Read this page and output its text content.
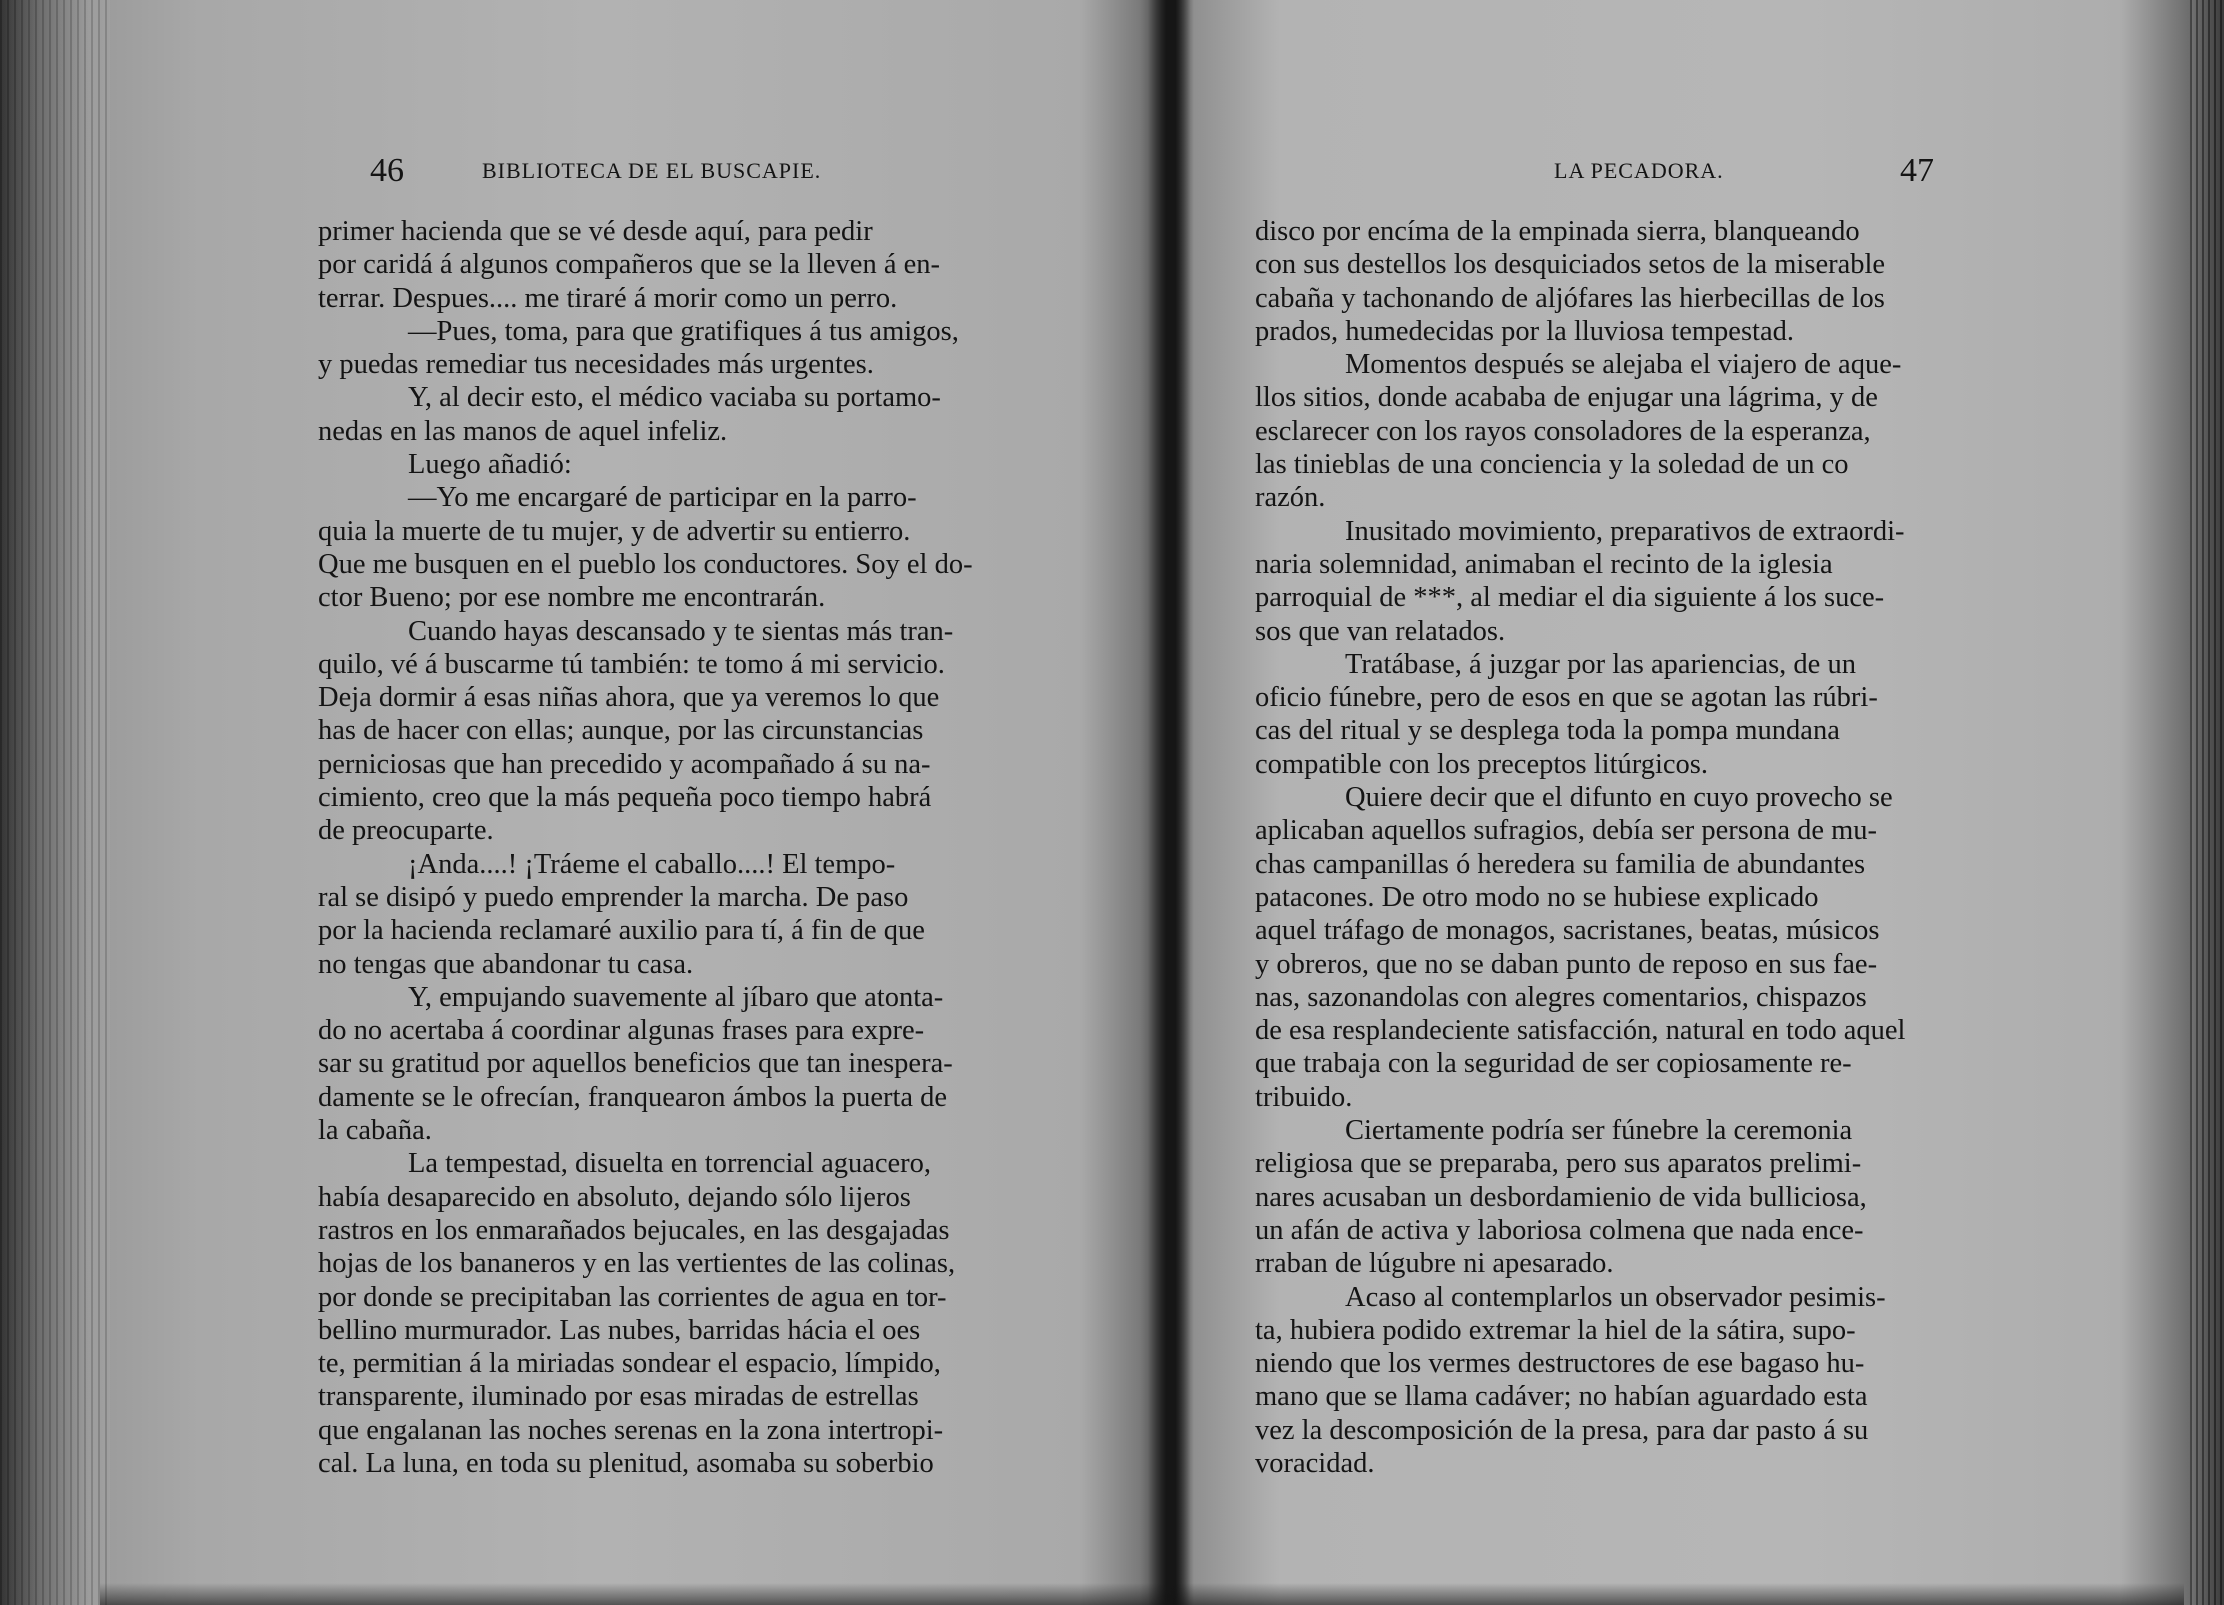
46	BIBLIOTECA DE EL BUSCAPIE.
primer hacienda que se vé desde aquí, para pedir
por caridá á algunos compañeros que se la lleven á en-
terrar. Despues.... me tiraré á morir como un perro.
—Pues, toma, para que gratifiques á tus amigos,
y puedas remediar tus necesidades más urgentes.
Y, al decir esto, el médico vaciaba su portamo-
nedas en las manos de aquel infeliz.
Luego añadió:
—Yo me encargaré de participar en la parro-
quia la muerte de tu mujer, y de advertir su entierro.
Que me busquen en el pueblo los conductores. Soy el do-
ctor Bueno; por ese nombre me encontrarán.
Cuando hayas descansado y te sientas más tran-
quilo, vé á buscarme tú también: te tomo á mi servicio.
Deja dormir á esas niñas ahora, que ya veremos lo que
has de hacer con ellas; aunque, por las circunstancias
perniciosas que han precedido y acompañado á su na-
cimiento, creo que la más pequeña poco tiempo habrá
de preocuparte.
¡Anda....! ¡Tráeme el caballo....! El tempo-
ral se disipó y puedo emprender la marcha. De paso
por la hacienda reclamaré auxilio para tí, á fin de que
no tengas que abandonar tu casa.
Y, empujando suavemente al jíbaro que atonta-
do no acertaba á coordinar algunas frases para expre-
sar su gratitud por aquellos beneficios que tan inespera-
damente se le ofrecían, franquearon ámbos la puerta de
la cabaña.
La tempestad, disuelta en torrencial aguacero,
había desaparecido en absoluto, dejando sólo lijeros
rastros en los enmarañados bejucales, en las desgajadas
hojas de los bananeros y en las vertientes de las colinas,
por donde se precipitaban las corrientes de agua en tor-
bellino murmurador. Las nubes, barridas hácia el oes
te, permitian á la miriadas sondear el espacio, límpido,
transparente, iluminado por esas miradas de estrellas
que engalanan las noches serenas en la zona intertropi-
cal. La luna, en toda su plenitud, asomaba su soberbio
47
LA PECADORA.
disco por encíma de la empinada sierra, blanqueando
con sus destellos los desquiciados setos de la miserable
cabaña y tachonando de aljófares las hierbecillas de los
prados, humedecidas por la lluviosa tempestad.
Momentos después se alejaba el viajero de aque-
llos sitios, donde acababa de enjugar una lágrima, y de
esclarecer con los rayos consoladores de la esperanza,
las tinieblas de una conciencia y la soledad de un co
razón.
Inusitado movimiento, preparativos de extraordi-
naria solemnidad, animaban el recinto de la iglesia
parroquial de ***, al mediar el dia siguiente á los suce-
sos que van relatados.
Tratábase, á juzgar por las apariencias, de un
oficio fúnebre, pero de esos en que se agotan las rúbri-
cas del ritual y se desplega toda la pompa mundana
compatible con los preceptos litúrgicos.
Quiere decir que el difunto en cuyo provecho se
aplicaban aquellos sufragios, debía ser persona de mu-
chas campanillas ó heredera su familia de abundantes
patacones. De otro modo no se hubiese explicado
aquel tráfago de monagos, sacristanes, beatas, músicos
y obreros, que no se daban punto de reposo en sus fae-
nas, sazonandolas con alegres comentarios, chispazos
de esa resplandeciente satisfacción, natural en todo aquel
que trabaja con la seguridad de ser copiosamente re-
tribuido.
Ciertamente podría ser fúnebre la ceremonia
religiosa que se preparaba, pero sus aparatos prelimi-
nares acusaban un desbordamienio de vida bulliciosa,
un afán de activa y laboriosa colmena que nada ence-
rraban de lúgubre ni apesarado.
Acaso al contemplarlos un observador pesimis-
ta, hubiera podido extremar la hiel de la sátira, supo-
niendo que los vermes destructores de ese bagaso hu-
mano que se llama cadáver; no habían aguardado esta
vez la descomposición de la presa, para dar pasto á su
voracidad.
